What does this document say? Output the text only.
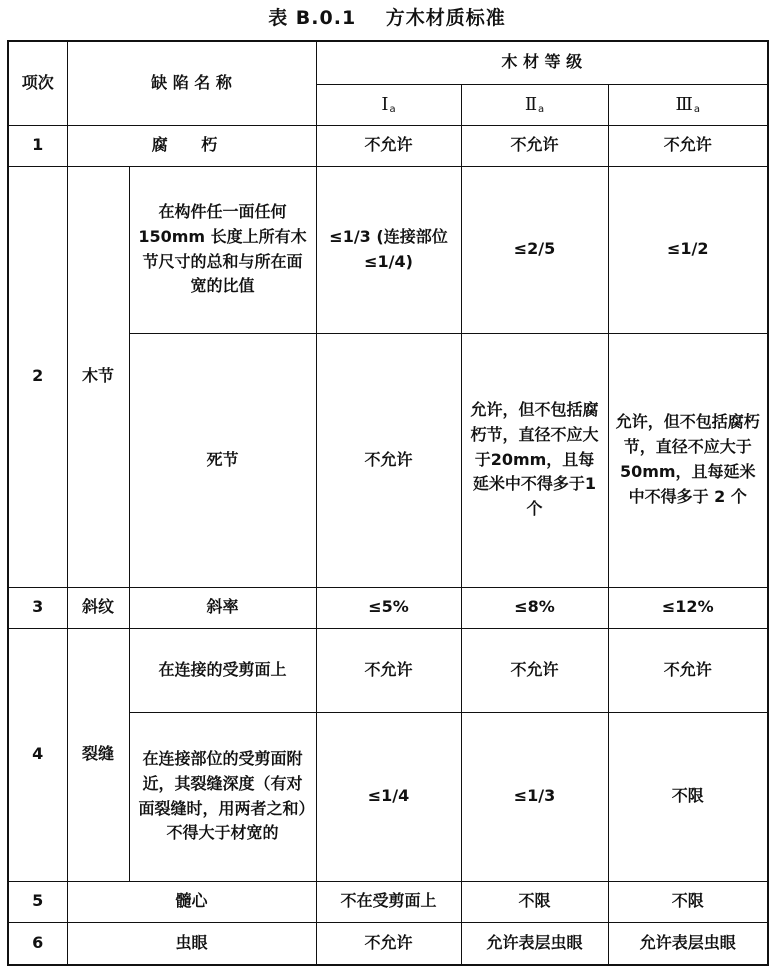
表 B.0.1 方木材质标准
项次	缺 陷 名 称		木 材 等 级		
			$Ⅰ_a$	$Ⅱ_a$	$Ⅲ_a$
1	腐 朽		不允许	不允许	不允许
2	木节	在构件任一面任何 150mm 长度上所有木节尺寸的总和与所在面宽的比值	≤1/3 (连接部位 ≤1/4)	≤2/5	≤1/2
		死节	不允许	允许，但不包括腐朽节，直径不应大于20mm，且每延米中不得多于1个	允许，但不包括腐朽节，直径不应大于 50mm，且每延米中不得多于 2 个
3	斜纹	斜率	≤5%	≤8%	≤12%
4	裂缝	在连接的受剪面上	不允许	不允许	不允许
		在连接部位的受剪面附近，其裂缝深度（有对面裂缝时，用两者之和）不得大于材宽的	≤1/4	≤1/3	不限
5	髓心		不在受剪面上	不限	不限
6	虫眼		不允许	允许表层虫眼	允许表层虫眼
